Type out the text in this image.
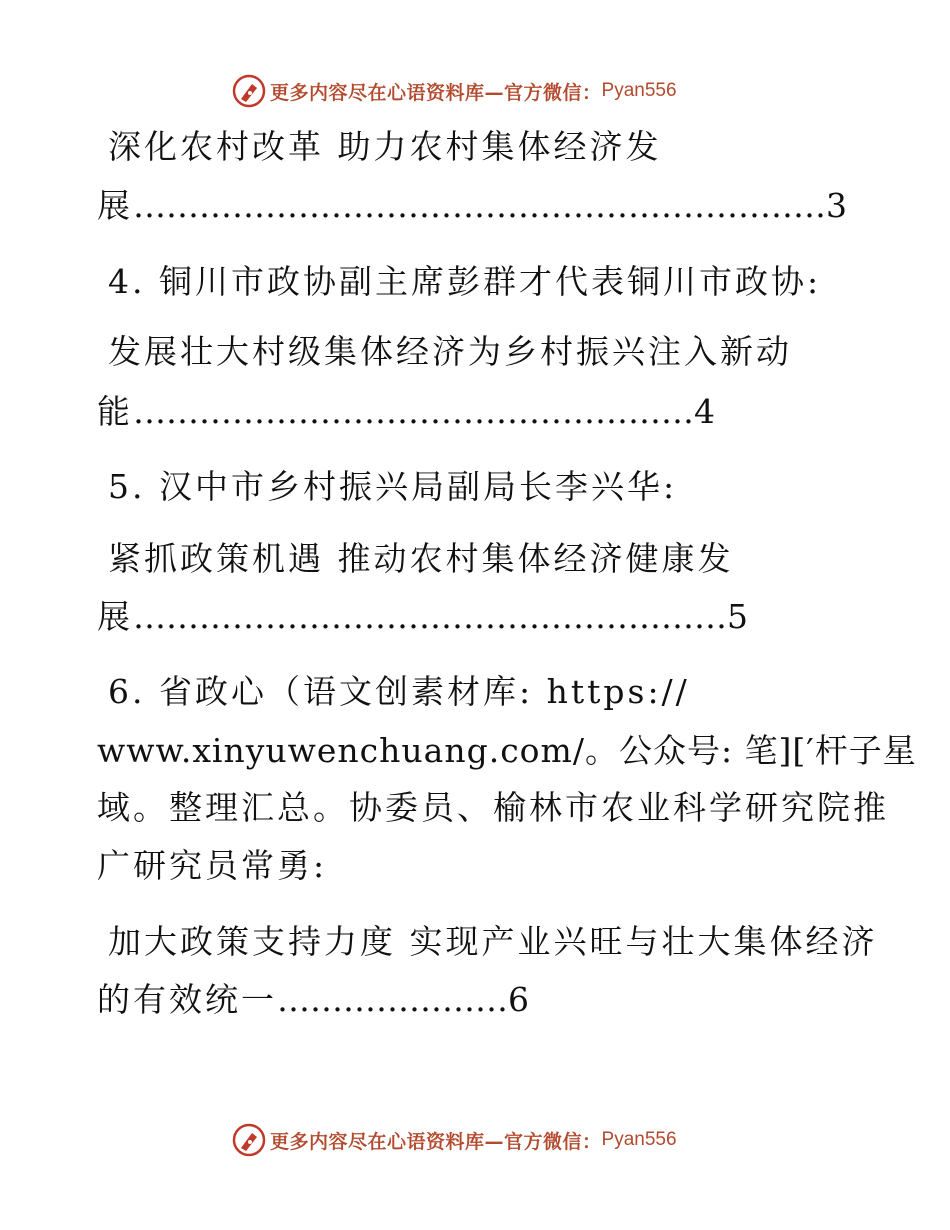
更多内容尽在心语资料库—官方微信： Pyan556
深化农村改革 助力农村集体经济发
展………………………………………………………3
4. 铜川市政协副主席彭群才代表铜川市政协:
发展壮大村级集体经济为乡村振兴注入新动
能……………………………………………4
5. 汉中市乡村振兴局副局长李兴华:
紧抓政策机遇 推动农村集体经济健康发
展………………………………………………5
6. 省政心（语文创素材库: https://
www.xinyuwenchuang.com/。公众号: 笔][′杆子星
域。整理汇总。协委员、榆林市农业科学研究院推
广研究员常勇:
加大政策支持力度 实现产业兴旺与壮大集体经济
的有效统一…………………6
更多内容尽在心语资料库—官方微信： Pyan556
